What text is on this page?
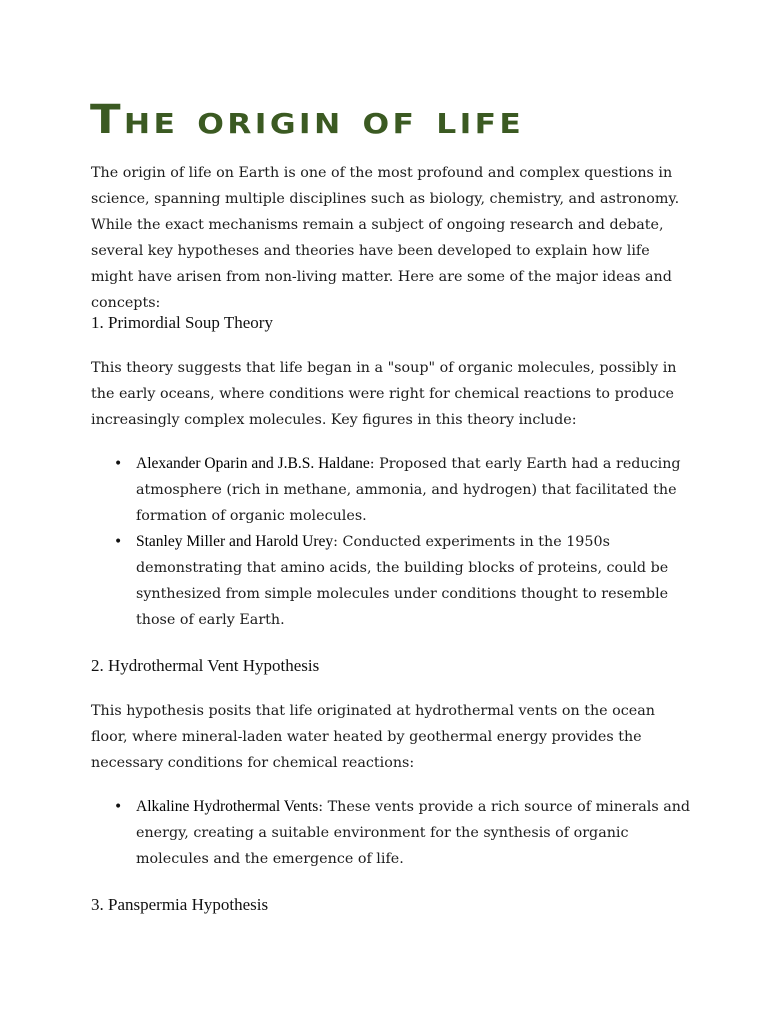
The origin of life

The origin of life on Earth is one of the most profound and complex questions in science, spanning multiple disciplines such as biology, chemistry, and astronomy. While the exact mechanisms remain a subject of ongoing research and debate, several key hypotheses and theories have been developed to explain how life might have arisen from non-living matter. Here are some of the major ideas and concepts:

1. Primordial Soup Theory

This theory suggests that life began in a "soup" of organic molecules, possibly in the early oceans, where conditions were right for chemical reactions to produce increasingly complex molecules. Key figures in this theory include:

• Alexander Oparin and J.B.S. Haldane: Proposed that early Earth had a reducing atmosphere (rich in methane, ammonia, and hydrogen) that facilitated the formation of organic molecules.
• Stanley Miller and Harold Urey: Conducted experiments in the 1950s demonstrating that amino acids, the building blocks of proteins, could be synthesized from simple molecules under conditions thought to resemble those of early Earth.
2. Hydrothermal Vent Hypothesis

This hypothesis posits that life originated at hydrothermal vents on the ocean floor, where mineral-laden water heated by geothermal energy provides the necessary conditions for chemical reactions:

• Alkaline Hydrothermal Vents: These vents provide a rich source of minerals and energy, creating a suitable environment for the synthesis of organic molecules and the emergence of life.
3. Panspermia Hypothesis
